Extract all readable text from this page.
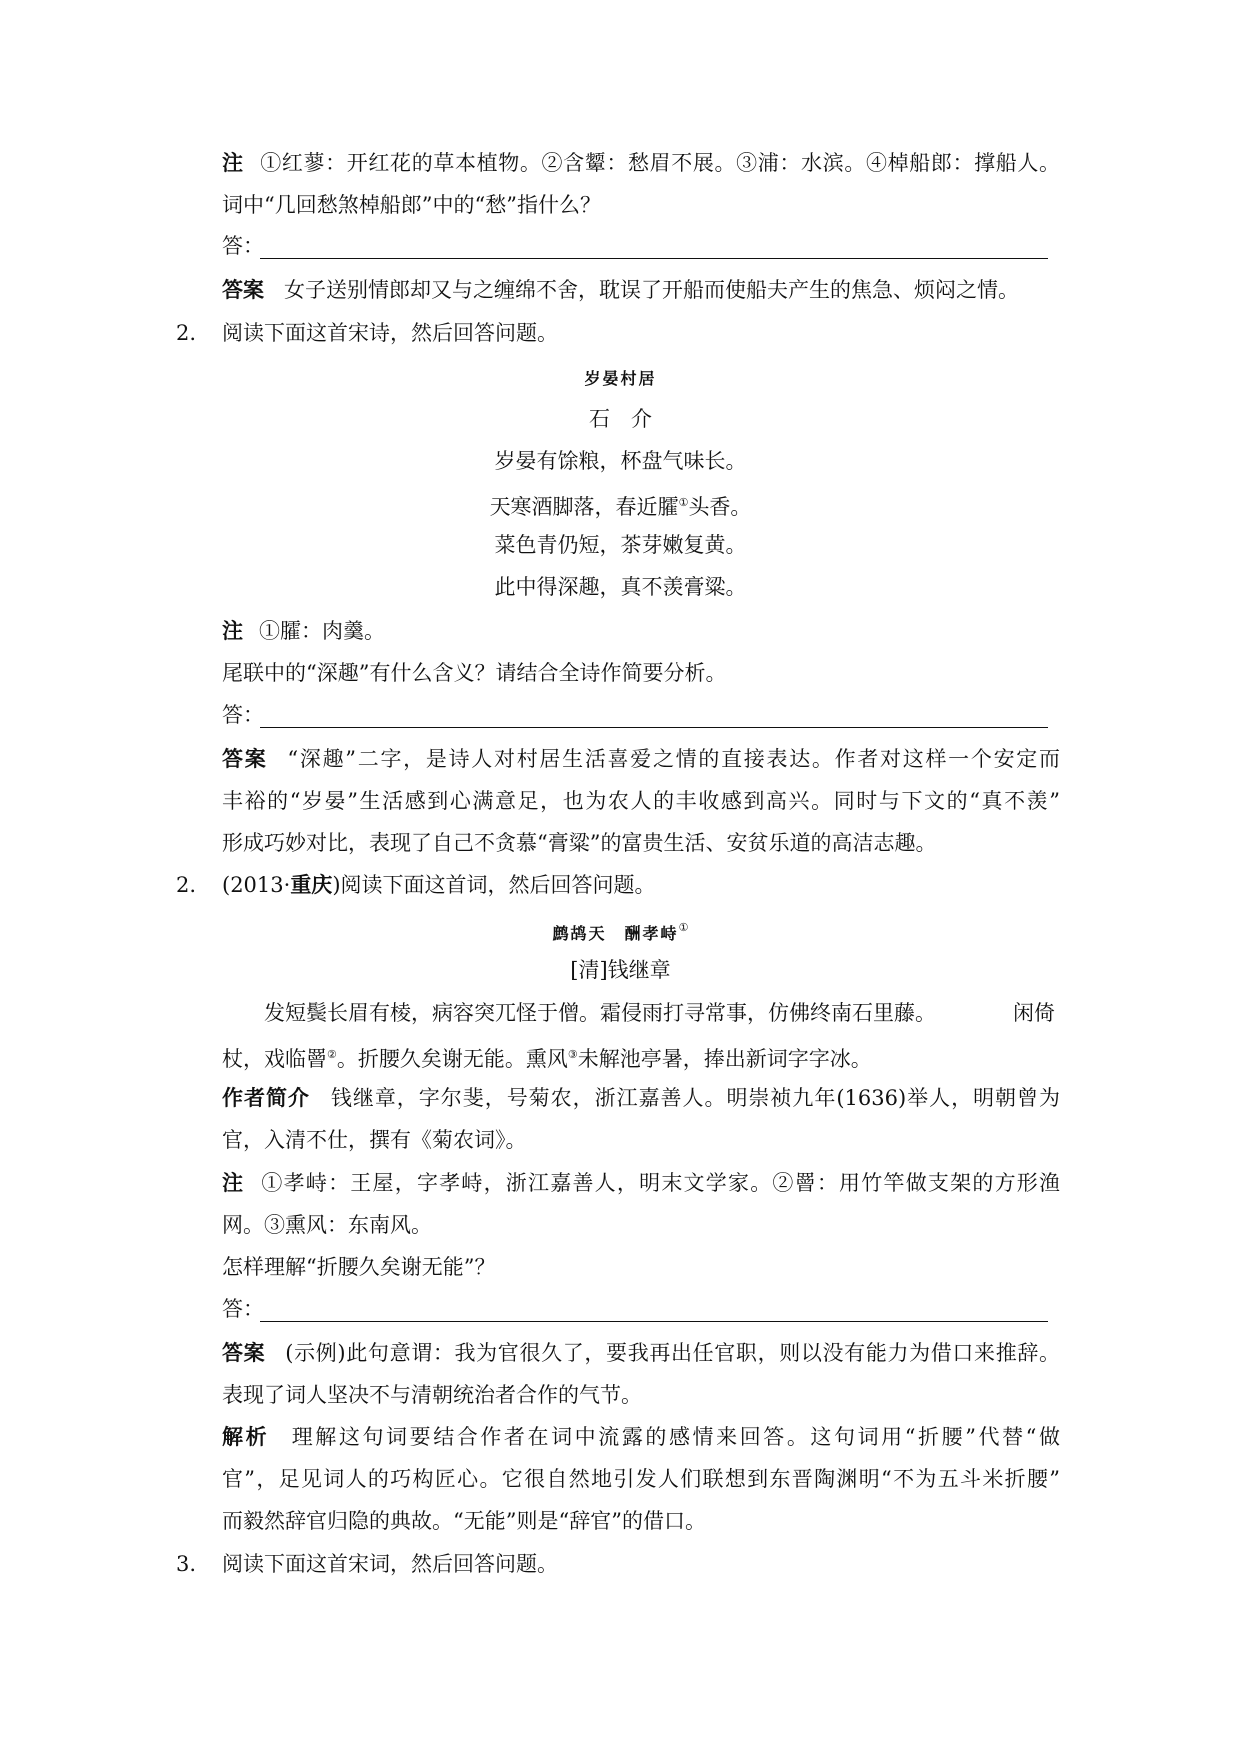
注 ①红蓼：开红花的草本植物。②含颦：愁眉不展。③浦：水滨。④棹船郎：撑船人。
词中“几回愁煞棹船郎”中的“愁”指什么？
答：
答案 女子送别情郎却又与之缠绵不舍，耽误了开船而使船夫产生的焦急、烦闷之情。
2. 阅读下面这首宋诗，然后回答问题。
岁晏村居
石　介
岁晏有馀粮，杯盘气味长。
天寒酒脚落，春近臛①头香。
菜色青仍短，茶芽嫩复黄。
此中得深趣，真不羡膏粱。
注 ①臛：肉羹。
尾联中的“深趣”有什么含义？请结合全诗作简要分析。
答：
答案 “深趣”二字，是诗人对村居生活喜爱之情的直接表达。作者对这样一个安定而
丰裕的“岁晏”生活感到心满意足，也为农人的丰收感到高兴。同时与下文的“真不羡”
形成巧妙对比，表现了自己不贪慕“膏粱”的富贵生活、安贫乐道的高洁志趣。
2. (2013·重庆)阅读下面这首词，然后回答问题。
鹧鸪天　酬孝峙①
[清]钱继章
发短鬓长眉有棱，病容突兀怪于僧。霜侵雨打寻常事，仿佛终南石里藤。	闲倚
杖，戏临罾②。折腰久矣谢无能。熏风③未解池亭暑，捧出新词字字冰。
作者简介 钱继章，字尔斐，号菊农，浙江嘉善人。明崇祯九年(1636)举人，明朝曾为
官，入清不仕，撰有《菊农词》。
注 ①孝峙：王屋，字孝峙，浙江嘉善人，明末文学家。②罾：用竹竿做支架的方形渔
网。③熏风：东南风。
怎样理解“折腰久矣谢无能”？
答：
答案 (示例)此句意谓：我为官很久了，要我再出任官职，则以没有能力为借口来推辞。
表现了词人坚决不与清朝统治者合作的气节。
解析 理解这句词要结合作者在词中流露的感情来回答。这句词用“折腰”代替“做
官”，足见词人的巧构匠心。它很自然地引发人们联想到东晋陶渊明“不为五斗米折腰”
而毅然辞官归隐的典故。“无能”则是“辞官”的借口。
3. 阅读下面这首宋词，然后回答问题。
